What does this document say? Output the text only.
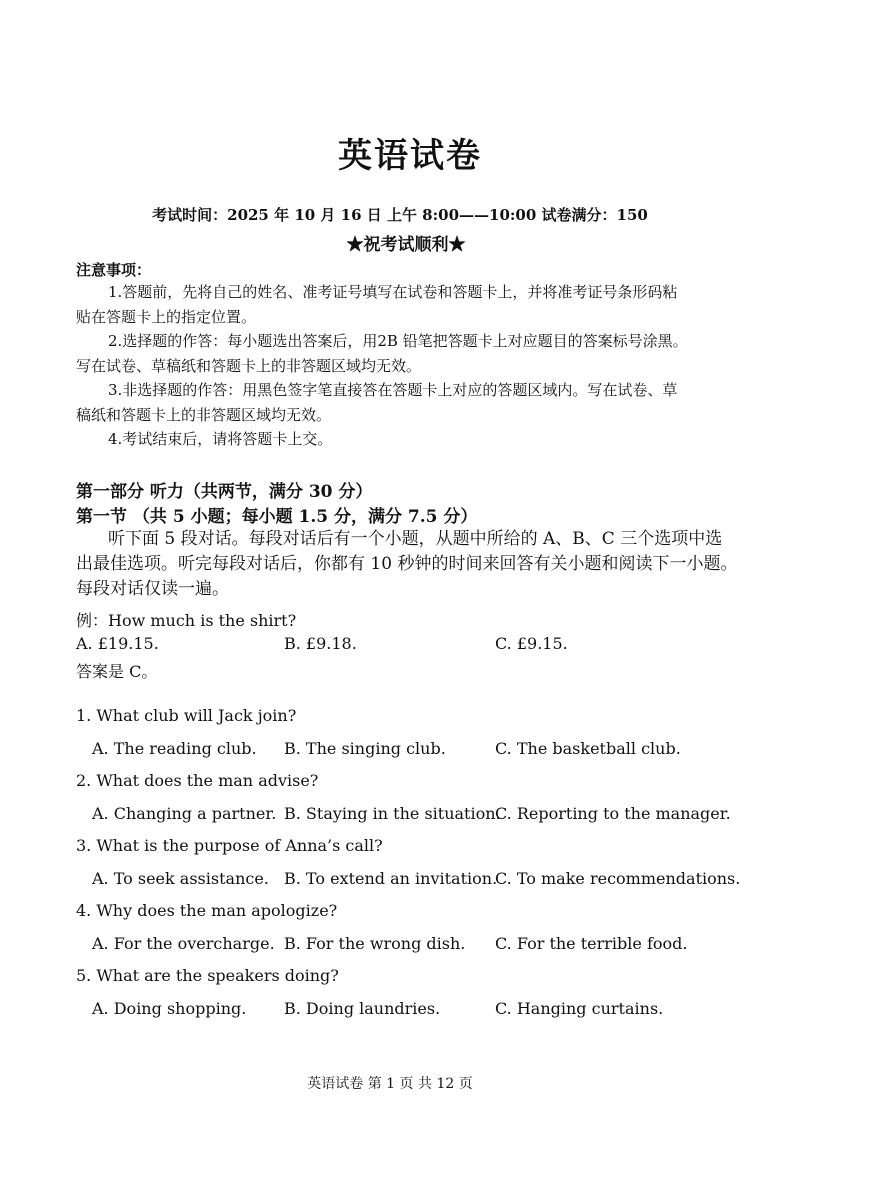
英语试卷
考试时间：2025 年 10 月 16 日 上午 8:00——10:00 试卷满分：150
★祝考试顺利★
注意事项：
1.答题前，先将自己的姓名、准考证号填写在试卷和答题卡上，并将准考证号条形码粘
贴在答题卡上的指定位置。
2.选择题的作答：每小题选出答案后，用2B 铅笔把答题卡上对应题目的答案标号涂黑。
写在试卷、草稿纸和答题卡上的非答题区域均无效。
3.非选择题的作答：用黑色签字笔直接答在答题卡上对应的答题区域内。写在试卷、草
稿纸和答题卡上的非答题区域均无效。
4.考试结束后，请将答题卡上交。
第一部分 听力（共两节，满分 30 分）
第一节 （共 5 小题；每小题 1.5 分，满分 7.5 分）
听下面 5 段对话。每段对话后有一个小题，从题中所给的 A、B、C 三个选项中选
出最佳选项。听完每段对话后，你都有 10 秒钟的时间来回答有关小题和阅读下一小题。
每段对话仅读一遍。
例：How much is the shirt?
A. £19.15.	B. £9.18.	C. £9.15.
答案是 C。
1. What club will Jack join?
A. The reading club. B. The singing club.	C. The basketball club.
2. What does the man advise?
A. Changing a partner. B. Staying in the situation.
C. Reporting to the manager.
3. What is the purpose of Anna’s call?
A. To seek assistance. B. To extend an invitation.
C. To make recommendations.
4. Why does the man apologize?
A. For the overcharge. B. For the wrong dish. C. For the terrible food.
5. What are the speakers doing?
A. Doing shopping. B. Doing laundries.	C. Hanging curtains.
英语试卷 第 1 页 共 12 页
